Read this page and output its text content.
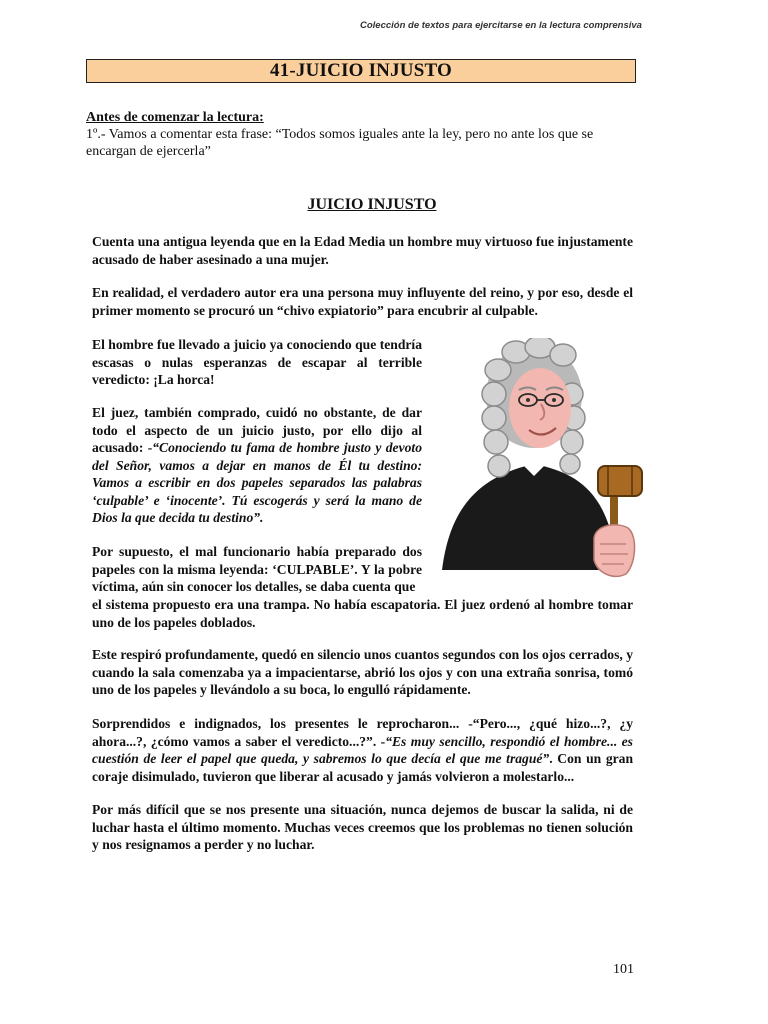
Colección de textos para ejercitarse en la lectura comprensiva
41-JUICIO INJUSTO
Antes de comenzar la lectura:
1º.- Vamos a comentar esta frase: “Todos somos iguales ante la ley, pero no ante los que se encargan de ejercerla”
JUICIO INJUSTO
Cuenta una antigua leyenda que en la Edad Media un hombre muy virtuoso fue injustamente acusado de haber asesinado a una mujer.
En realidad, el verdadero autor era una persona muy influyente del reino, y por eso, desde el primer momento se procuró un “chivo expiatorio” para encubrir al culpable.
El hombre fue llevado a juicio ya conociendo que tendría escasas o nulas esperanzas de escapar al terrible veredicto: ¡La horca!
El juez, también comprado, cuidó no obstante, de dar todo el aspecto de un juicio justo, por ello dijo al acusado: -“Conociendo tu fama de hombre justo y devoto del Señor, vamos a dejar en manos de Él tu destino: Vamos a escribir en dos papeles separados las palabras ‘culpable’ e ‘inocente’. Tú escogerás y será la mano de Dios la que decida tu destino”.
Por supuesto, el mal funcionario había preparado dos papeles con la misma leyenda: ‘CULPABLE’. Y la pobre víctima, aún sin conocer los detalles, se daba cuenta que
el sistema propuesto era una trampa. No había escapatoria. El juez ordenó al hombre tomar uno de los papeles doblados.
Este respiró profundamente, quedó en silencio unos cuantos segundos con los ojos cerrados, y cuando la sala comenzaba ya a impacientarse, abrió los ojos y con una extraña sonrisa, tomó uno de los papeles y llevándolo a su boca, lo engulló rápidamente.
Sorprendidos e indignados, los presentes le reprocharon... -“Pero..., ¿qué hizo...?, ¿y ahora...?, ¿cómo vamos a saber el veredicto...?”. -“Es muy sencillo, respondió el hombre... es cuestión de leer el papel que queda, y sabremos lo que decía el que me tragué”. Con un gran coraje disimulado, tuvieron que liberar al acusado y jamás volvieron a molestarlo...
Por más difícil que se nos presente una situación, nunca dejemos de buscar la salida, ni de luchar hasta el último momento. Muchas veces creemos que los problemas no tienen solución y nos resignamos a perder y no luchar.
101
